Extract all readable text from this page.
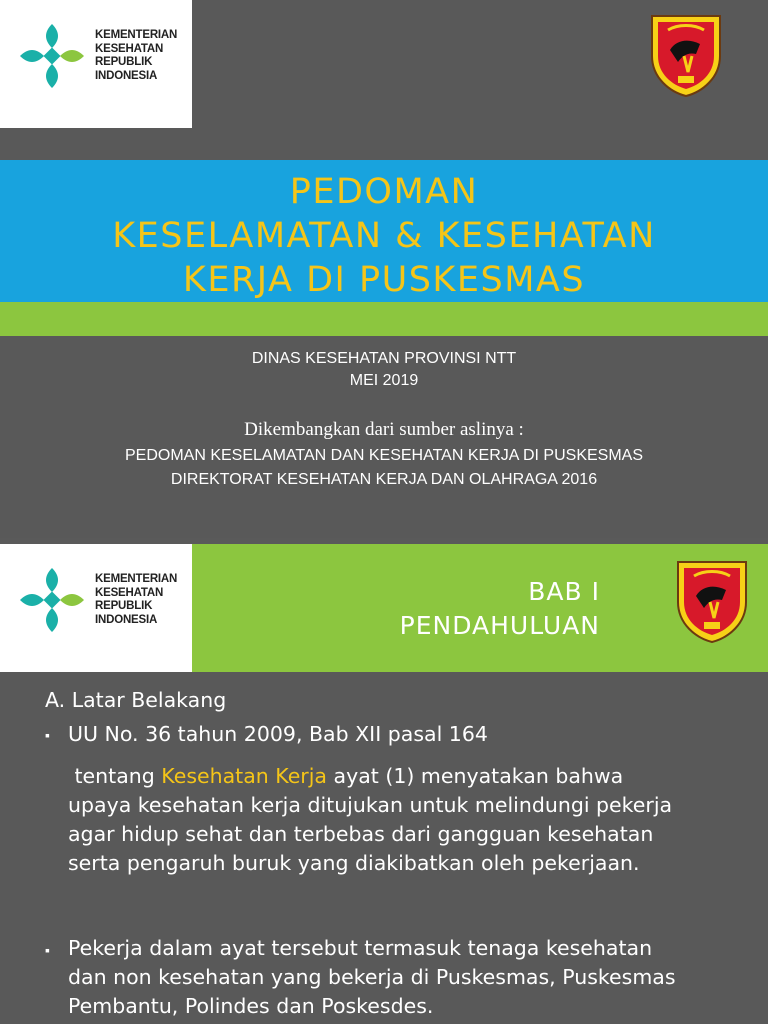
KEMENTERIAN
KESEHATAN
REPUBLIK
INDONESIA
PEDOMAN
KESELAMATAN & KESEHATAN
KERJA DI PUSKESMAS
DINAS KESEHATAN PROVINSI NTT
MEI 2019
Dikembangkan dari sumber aslinya :
PEDOMAN KESELAMATAN DAN KESEHATAN KERJA DI PUSKESMAS
DIREKTORAT KESEHATAN KERJA DAN OLAHRAGA 2016
KEMENTERIAN
KESEHATAN
REPUBLIK
INDONESIA
BAB I
PENDAHULUAN
A. Latar Belakang
▪ UU No. 36 tahun 2009, Bab XII pasal 164
tentang Kesehatan Kerja ayat (1) menyatakan bahwa
upaya kesehatan kerja ditujukan untuk melindungi pekerja
agar hidup sehat dan terbebas dari gangguan kesehatan
serta pengaruh buruk yang diakibatkan oleh pekerjaan.
▪ Pekerja dalam ayat tersebut termasuk tenaga kesehatan
dan non kesehatan yang bekerja di Puskesmas, Puskesmas
Pembantu, Polindes dan Poskesdes.
